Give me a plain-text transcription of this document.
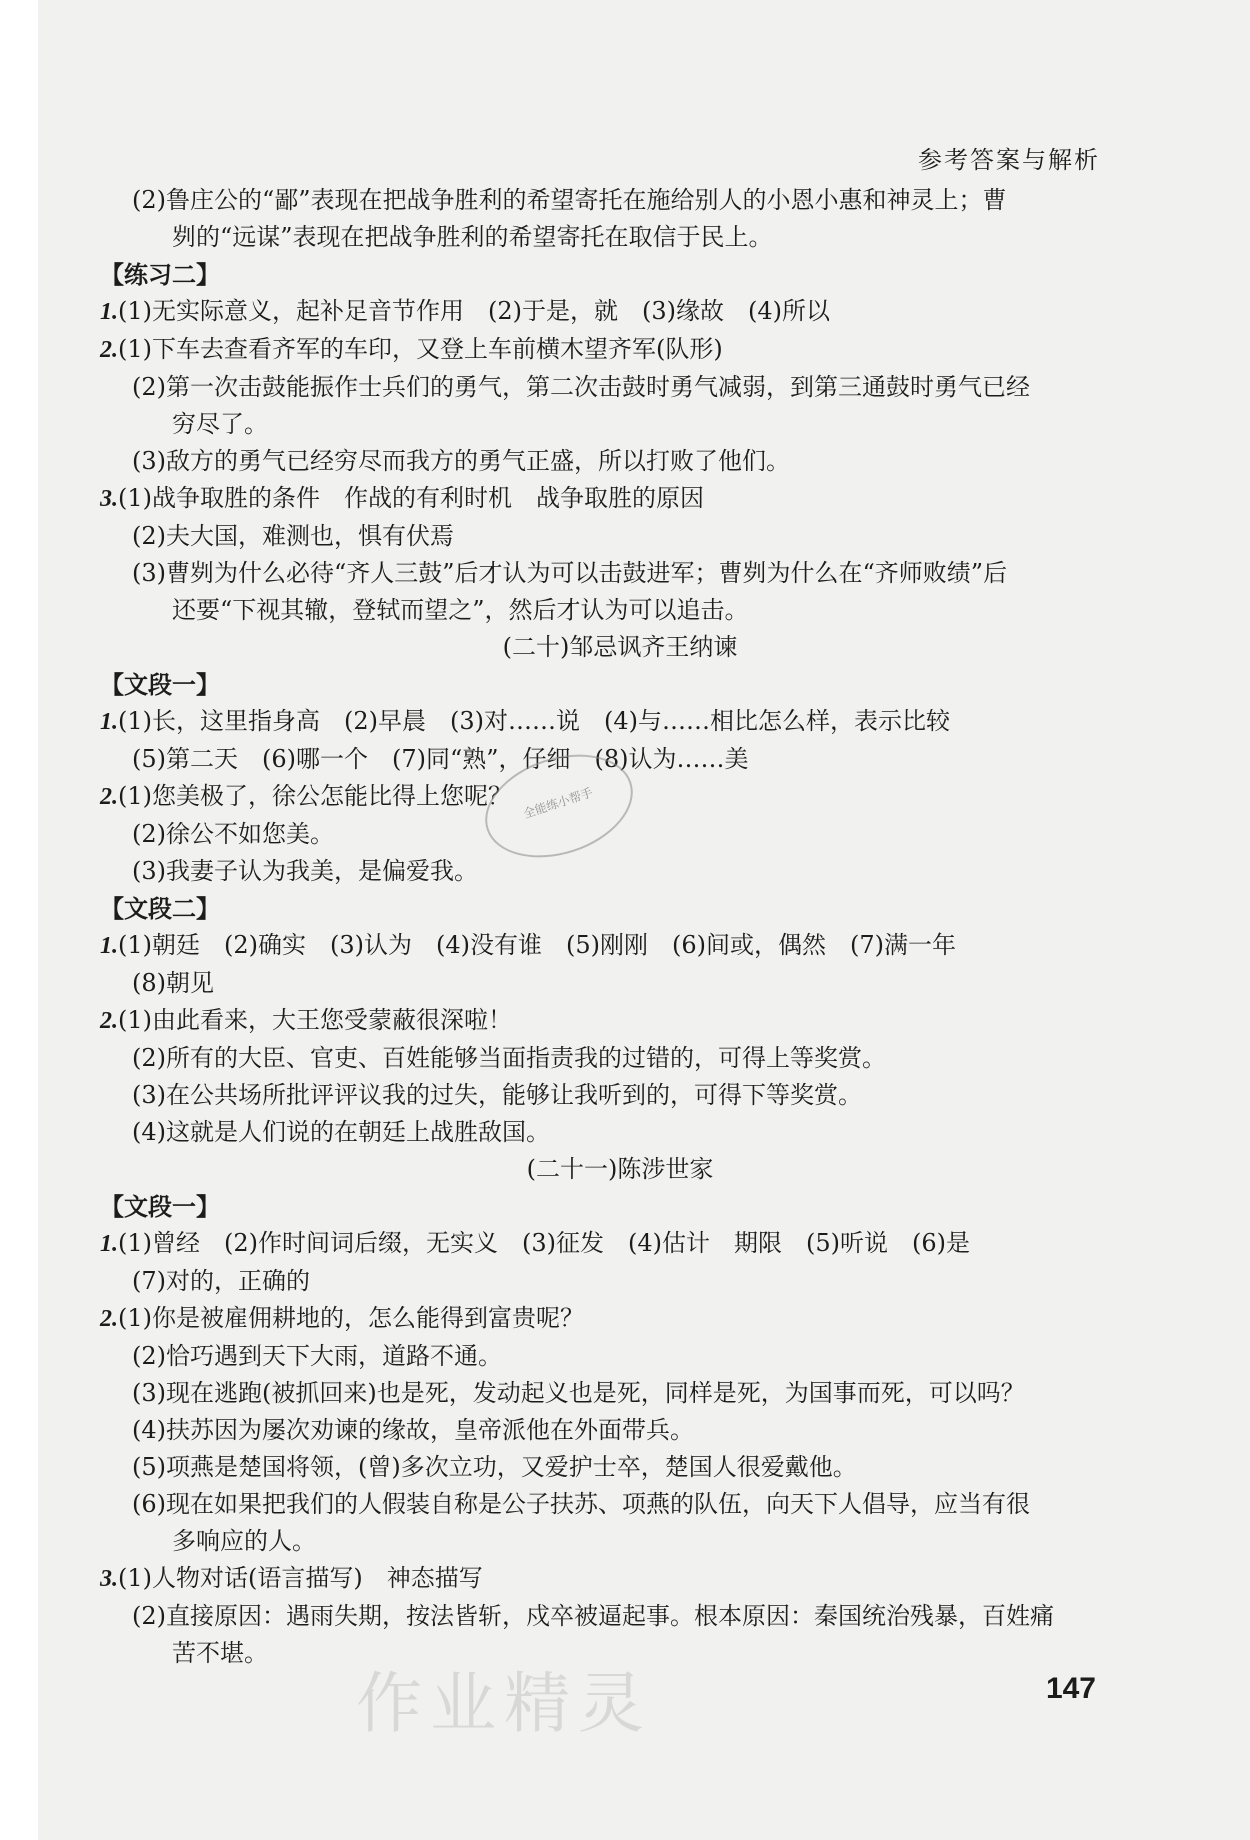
参考答案与解析
(2)鲁庄公的“鄙”表现在把战争胜利的希望寄托在施给别人的小恩小惠和神灵上；曹
刿的“远谋”表现在把战争胜利的希望寄托在取信于民上。
【练习二】
1.(1)无实际意义，起补足音节作用　(2)于是，就　(3)缘故　(4)所以
2.(1)下车去查看齐军的车印，又登上车前横木望齐军(队形)
(2)第一次击鼓能振作士兵们的勇气，第二次击鼓时勇气减弱，到第三通鼓时勇气已经
穷尽了。
(3)敌方的勇气已经穷尽而我方的勇气正盛，所以打败了他们。
3.(1)战争取胜的条件　作战的有利时机　战争取胜的原因
(2)夫大国，难测也，惧有伏焉
(3)曹刿为什么必待“齐人三鼓”后才认为可以击鼓进军；曹刿为什么在“齐师败绩”后
还要“下视其辙，登轼而望之”，然后才认为可以追击。
(二十)邹忌讽齐王纳谏
【文段一】
1.(1)长，这里指身高　(2)早晨　(3)对……说　(4)与……相比怎么样，表示比较
(5)第二天　(6)哪一个　(7)同“熟”，仔细　(8)认为……美
2.(1)您美极了，徐公怎能比得上您呢？
(2)徐公不如您美。
(3)我妻子认为我美，是偏爱我。
【文段二】
1.(1)朝廷　(2)确实　(3)认为　(4)没有谁　(5)刚刚　(6)间或，偶然　(7)满一年
(8)朝见
2.(1)由此看来，大王您受蒙蔽很深啦！
(2)所有的大臣、官吏、百姓能够当面指责我的过错的，可得上等奖赏。
(3)在公共场所批评评议我的过失，能够让我听到的，可得下等奖赏。
(4)这就是人们说的在朝廷上战胜敌国。
(二十一)陈涉世家
【文段一】
1.(1)曾经　(2)作时间词后缀，无实义　(3)征发　(4)估计　期限　(5)听说　(6)是
(7)对的，正确的
2.(1)你是被雇佣耕地的，怎么能得到富贵呢？
(2)恰巧遇到天下大雨，道路不通。
(3)现在逃跑(被抓回来)也是死，发动起义也是死，同样是死，为国事而死，可以吗？
(4)扶苏因为屡次劝谏的缘故，皇帝派他在外面带兵。
(5)项燕是楚国将领，(曾)多次立功，又爱护士卒，楚国人很爱戴他。
(6)现在如果把我们的人假装自称是公子扶苏、项燕的队伍，向天下人倡导，应当有很
多响应的人。
3.(1)人物对话(语言描写)　神态描写
(2)直接原因：遇雨失期，按法皆斩，戍卒被逼起事。根本原因：秦国统治残暴，百姓痛
苦不堪。
全能练小帮手
作业精灵	147
